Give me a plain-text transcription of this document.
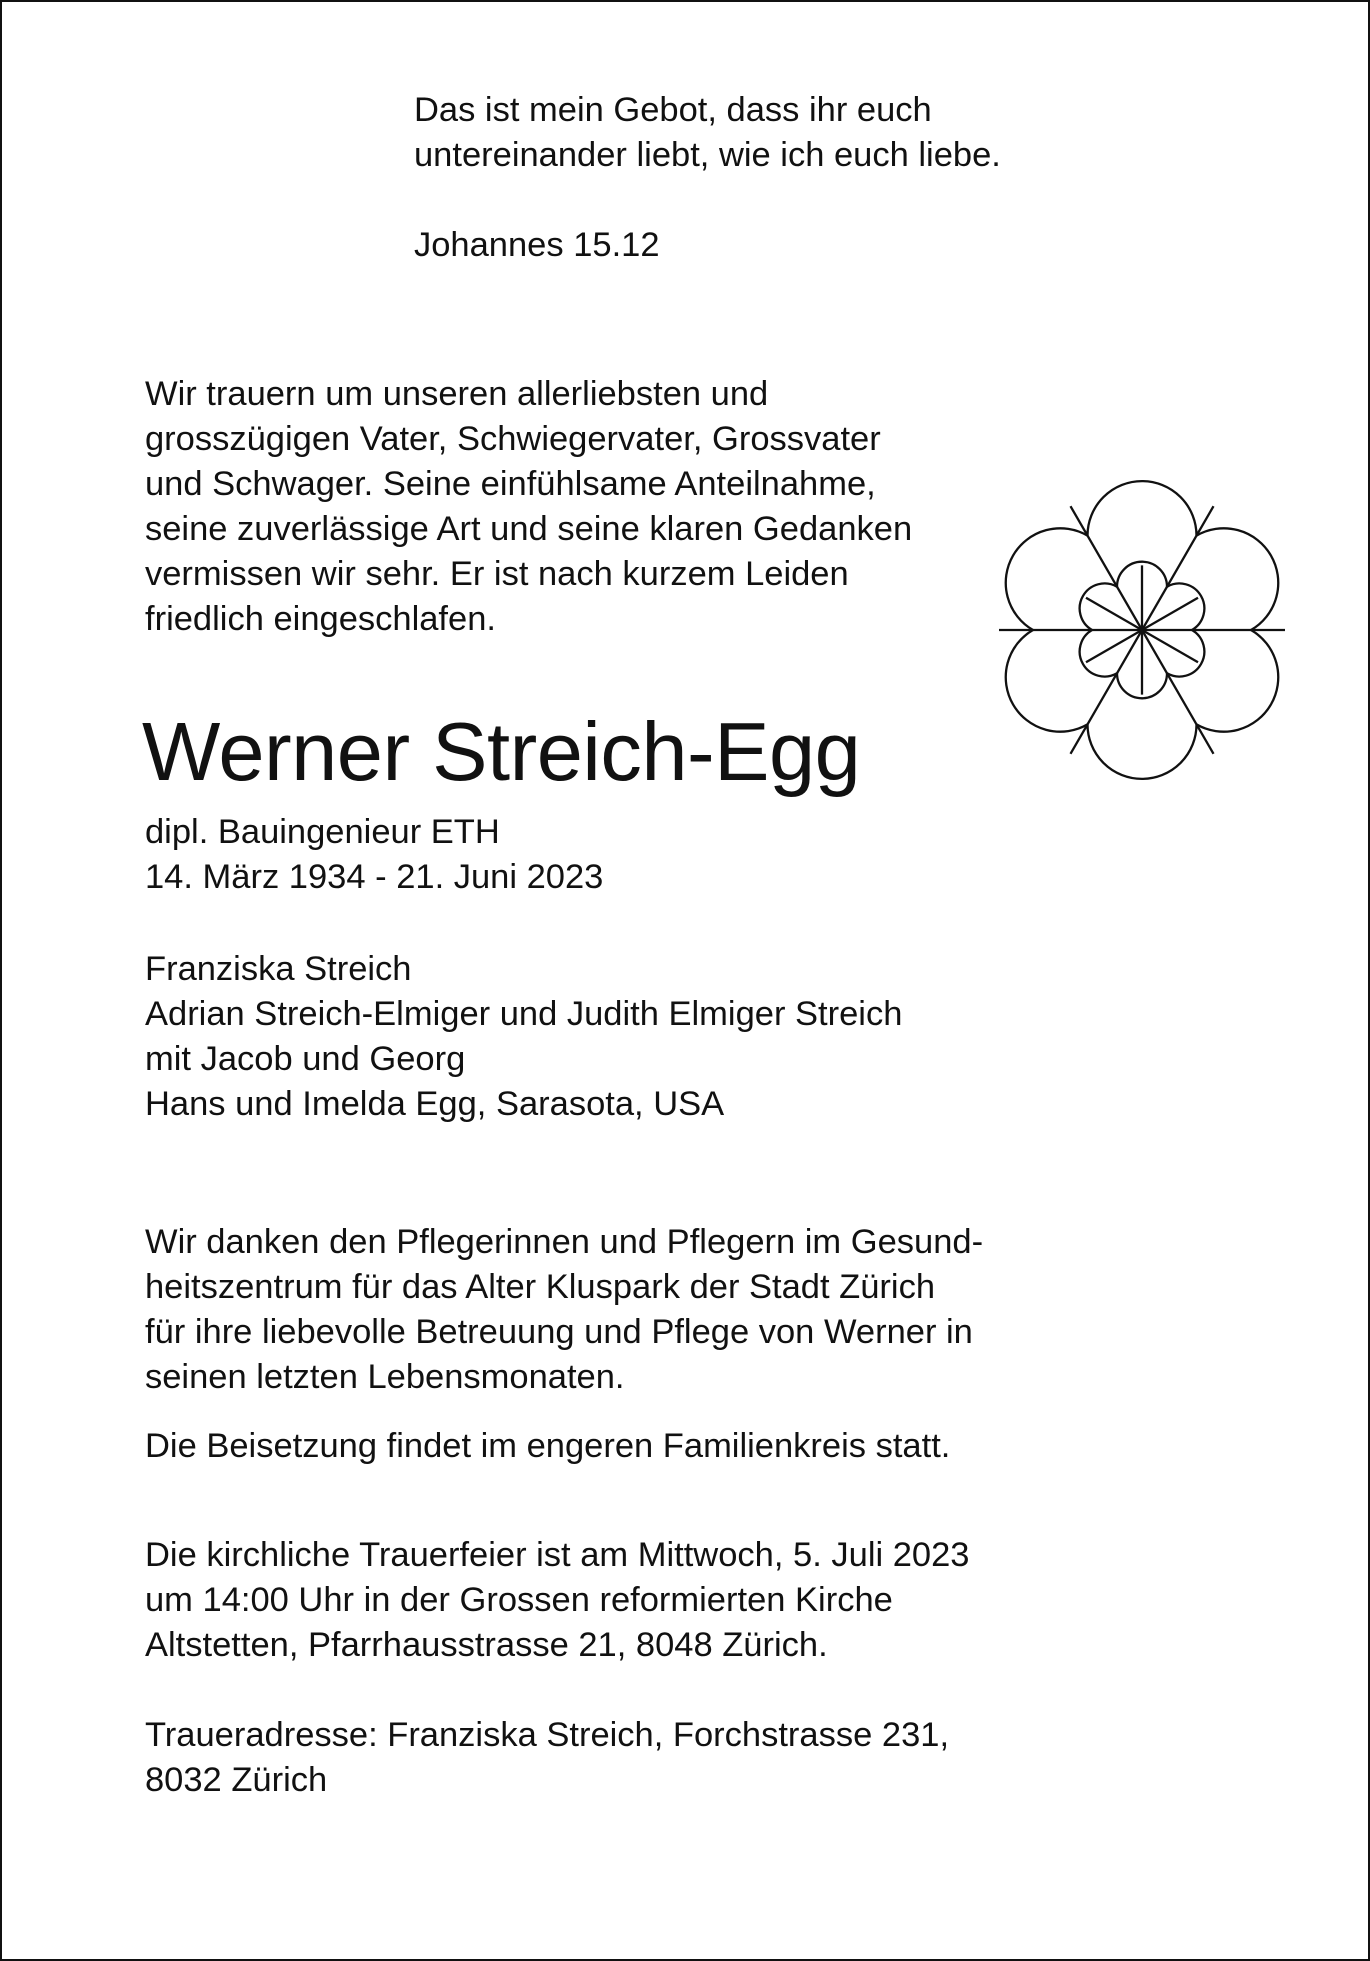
Das ist mein Gebot, dass ihr euch
untereinander liebt, wie ich euch liebe.
Johannes 15.12
Wir trauern um unseren allerliebsten und
grosszügigen Vater, Schwiegervater, Grossvater
und Schwager. Seine einfühlsame Anteilnahme,
seine zuverlässige Art und seine klaren Gedanken
vermissen wir sehr. Er ist nach kurzem Leiden
friedlich eingeschlafen.
Werner Streich-Egg
dipl. Bauingenieur ETH
14. März 1934 - 21. Juni 2023
Franziska Streich
Adrian Streich-Elmiger und Judith Elmiger Streich
mit Jacob und Georg
Hans und Imelda Egg, Sarasota, USA
Wir danken den Pflegerinnen und Pflegern im Gesund-
heitszentrum für das Alter Kluspark der Stadt Zürich
für ihre liebevolle Betreuung und Pflege von Werner in
seinen letzten Lebensmonaten.
Die Beisetzung findet im engeren Familienkreis statt.
Die kirchliche Trauerfeier ist am Mittwoch, 5. Juli 2023
um 14:00 Uhr in der Grossen reformierten Kirche
Altstetten, Pfarrhausstrasse 21, 8048 Zürich.
Traueradresse: Franziska Streich, Forchstrasse 231,
8032 Zürich
